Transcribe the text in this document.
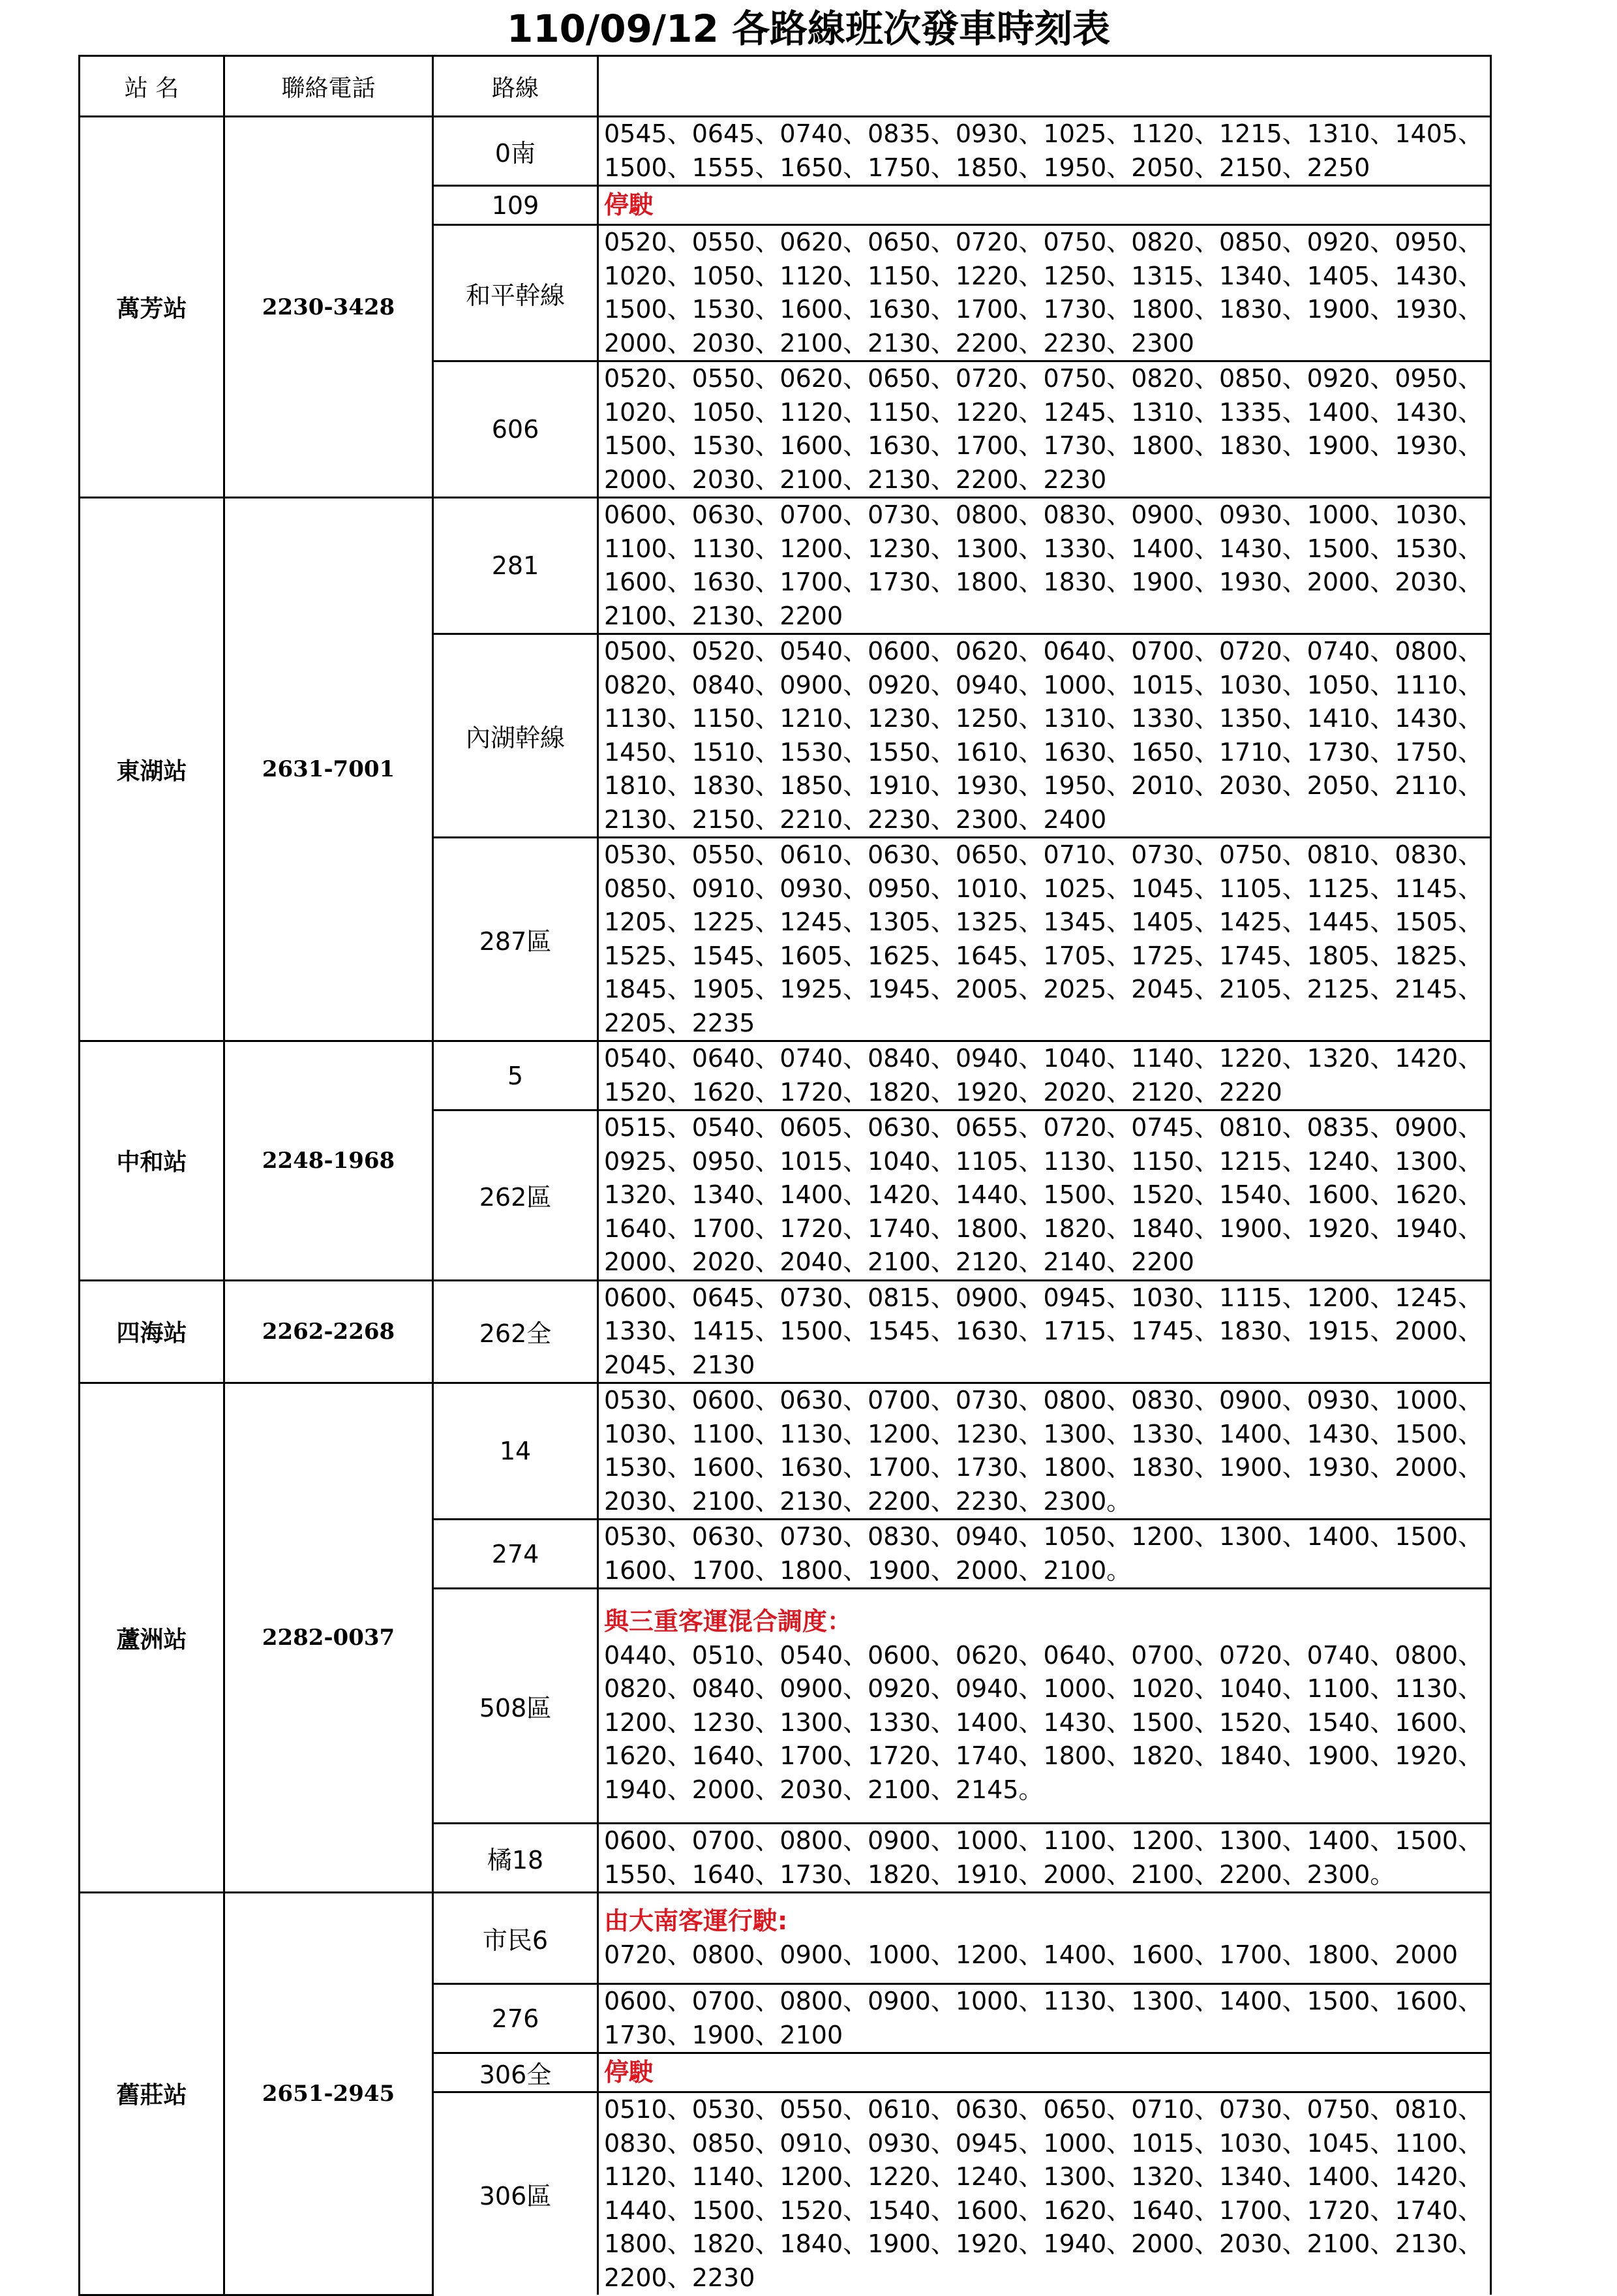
110/09/12 各路線班次發車時刻表
站 名	聯絡電話	路線	
萬芳站	2230-3428	0南	0545、0645、0740、0835、0930、1025、1120、1215、1310、1405、1500、1555、1650、1750、1850、1950、2050、2150、2250
		109	停駛
		和平幹線	0520、0550、0620、0650、0720、0750、0820、0850、0920、0950、1020、1050、1120、1150、1220、1250、1315、1340、1405、1430、1500、1530、1600、1630、1700、1730、1800、1830、1900、1930、2000、2030、2100、2130、2200、2230、2300
		606	0520、0550、0620、0650、0720、0750、0820、0850、0920、0950、1020、1050、1120、1150、1220、1245、1310、1335、1400、1430、1500、1530、1600、1630、1700、1730、1800、1830、1900、1930、2000、2030、2100、2130、2200、2230
東湖站	2631-7001	281	0600、0630、0700、0730、0800、0830、0900、0930、1000、1030、1100、1130、1200、1230、1300、1330、1400、1430、1500、1530、1600、1630、1700、1730、1800、1830、1900、1930、2000、2030、2100、2130、2200
		內湖幹線	0500、0520、0540、0600、0620、0640、0700、0720、0740、0800、0820、0840、0900、0920、0940、1000、1015、1030、1050、1110、1130、1150、1210、1230、1250、1310、1330、1350、1410、1430、1450、1510、1530、1550、1610、1630、1650、1710、1730、1750、1810、1830、1850、1910、1930、1950、2010、2030、2050、2110、2130、2150、2210、2230、2300、2400
		287區	0530、0550、0610、0630、0650、0710、0730、0750、0810、0830、0850、0910、0930、0950、1010、1025、1045、1105、1125、1145、1205、1225、1245、1305、1325、1345、1405、1425、1445、1505、1525、1545、1605、1625、1645、1705、1725、1745、1805、1825、1845、1905、1925、1945、2005、2025、2045、2105、2125、2145、2205、2235
中和站	2248-1968	5	0540、0640、0740、0840、0940、1040、1140、1220、1320、1420、1520、1620、1720、1820、1920、2020、2120、2220
		262區	0515、0540、0605、0630、0655、0720、0745、0810、0835、0900、0925、0950、1015、1040、1105、1130、1150、1215、1240、1300、1320、1340、1400、1420、1440、1500、1520、1540、1600、1620、1640、1700、1720、1740、1800、1820、1840、1900、1920、1940、2000、2020、2040、2100、2120、2140、2200
四海站	2262-2268	262全	0600、0645、0730、0815、0900、0945、1030、1115、1200、1245、1330、1415、1500、1545、1630、1715、1745、1830、1915、2000、2045、2130
蘆洲站	2282-0037	14	0530、0600、0630、0700、0730、0800、0830、0900、0930、1000、1030、1100、1130、1200、1230、1300、1330、1400、1430、1500、1530、1600、1630、1700、1730、1800、1830、1900、1930、2000、2030、2100、2130、2200、2230、2300。
		274	0530、0630、0730、0830、0940、1050、1200、1300、1400、1500、1600、1700、1800、1900、2000、2100。
		508區	與三重客運混合調度：
0440、0510、0540、0600、0620、0640、0700、0720、0740、0800、0820、0840、0900、0920、0940、1000、1020、1040、1100、1130、1200、1230、1300、1330、1400、1430、1500、1520、1540、1600、1620、1640、1700、1720、1740、1800、1820、1840、1900、1920、1940、2000、2030、2100、2145。
		橘18	0600、0700、0800、0900、1000、1100、1200、1300、1400、1500、1550、1640、1730、1820、1910、2000、2100、2200、2300。
舊莊站	2651-2945	市民6	由大南客運行駛:
0720、0800、0900、1000、1200、1400、1600、1700、1800、2000
		276	0600、0700、0800、0900、1000、1130、1300、1400、1500、1600、1730、1900、2100
		306全	停駛
		306區	0510、0530、0550、0610、0630、0650、0710、0730、0750、0810、0830、0850、0910、0930、0945、1000、1015、1030、1045、1100、1120、1140、1200、1220、1240、1300、1320、1340、1400、1420、1440、1500、1520、1540、1600、1620、1640、1700、1720、1740、1800、1820、1840、1900、1920、1940、2000、2030、2100、2130、2200、2230
